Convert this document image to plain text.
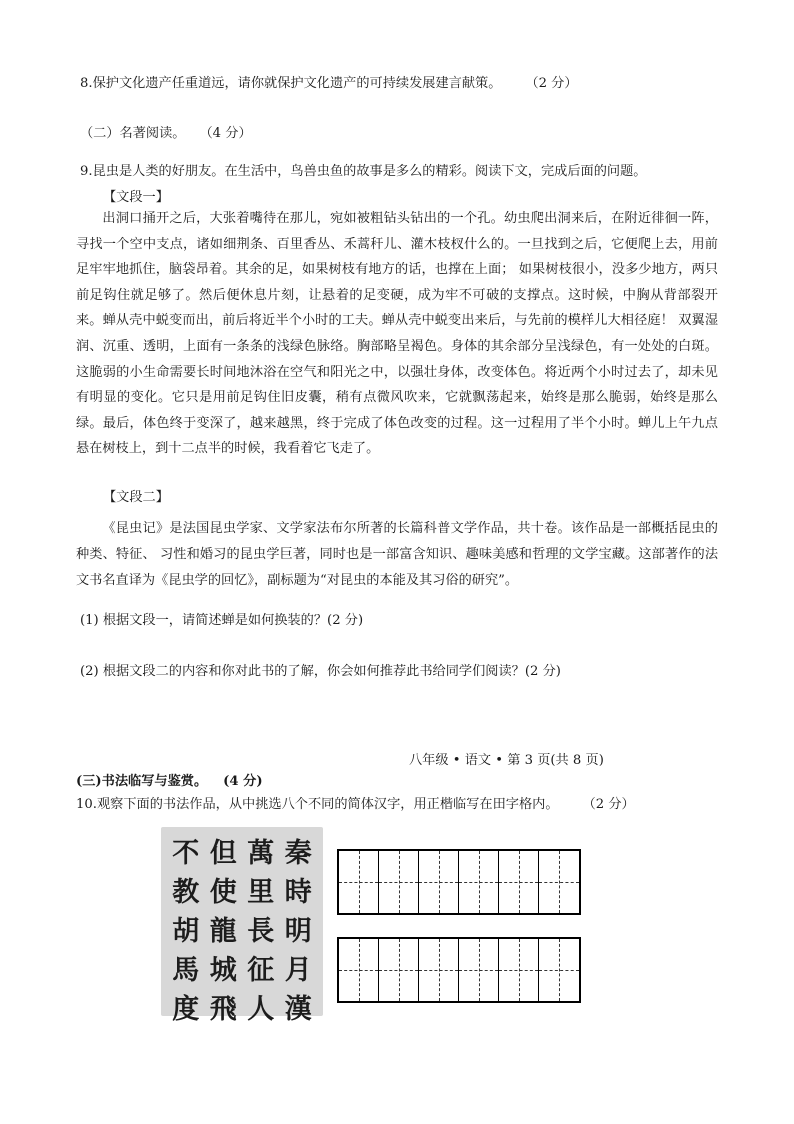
8.保护文化遗产任重道远，请你就保护文化遗产的可持续发展建言献策。 （2 分）
（二）名著阅读。 （4 分）
9.昆虫是人类的好朋友。在生活中，鸟兽虫鱼的故事是多么的精彩。阅读下文，完成后面的问题。
【文段一】
出洞口捅开之后，大张着嘴待在那儿，宛如被粗钻头钻出的一个孔。幼虫爬出洞来后，在附近徘徊一阵，寻找一个空中支点，诸如细荆条、百里香丛、禾蒿秆儿、灌木枝杈什么的。一旦找到之后，它便爬上去，用前足牢牢地抓住，脑袋昂着。其余的足，如果树枝有地方的话，也撑在上面； 如果树枝很小，没多少地方，两只前足钩住就足够了。然后便休息片刻，让悬着的足变硬，成为牢不可破的支撑点。这时候，中胸从背部裂开来。蝉从壳中蜕变而出，前后将近半个小时的工夫。蝉从壳中蜕变出来后，与先前的模样儿大相径庭！ 双翼湿润、沉重、透明，上面有一条条的浅绿色脉络。胸部略呈褐色。身体的其余部分呈浅绿色，有一处处的白斑。这脆弱的小生命需要长时间地沐浴在空气和阳光之中，以强壮身体，改变体色。将近两个小时过去了，却未见有明显的变化。它只是用前足钩住旧皮囊，稍有点微风吹来，它就飘荡起来，始终是那么脆弱，始终是那么绿。最后，体色终于变深了，越来越黑，终于完成了体色改变的过程。这一过程用了半个小时。蝉儿上午九点悬在树枝上，到十二点半的时候，我看着它飞走了。
【文段二】
《昆虫记》是法国昆虫学家、文学家法布尔所著的长篇科普文学作品，共十卷。该作品是一部概括昆虫的种类、特征、 习性和婚习的昆虫学巨著，同时也是一部富含知识、趣味美感和哲理的文学宝藏。这部著作的法文书名直译为《昆虫学的回忆》，副标题为“对昆虫的本能及其习俗的研究”。
(1) 根据文段一，请简述蝉是如何换装的？(2 分)
(2) 根据文段二的内容和你对此书的了解，你会如何推荐此书给同学们阅读？(2 分)
八年级 • 语文 • 第 3 页(共 8 页)
(三)书法临写与鉴赏。 (4 分)
10.观察下面的书法作品，从中挑选八个不同的简体汉字，用正楷临写在田字格内。 （2 分）
不 但 萬 秦
教 使 里 時
胡 龍 長 明
馬 城 征 月
度 飛 人 漢
